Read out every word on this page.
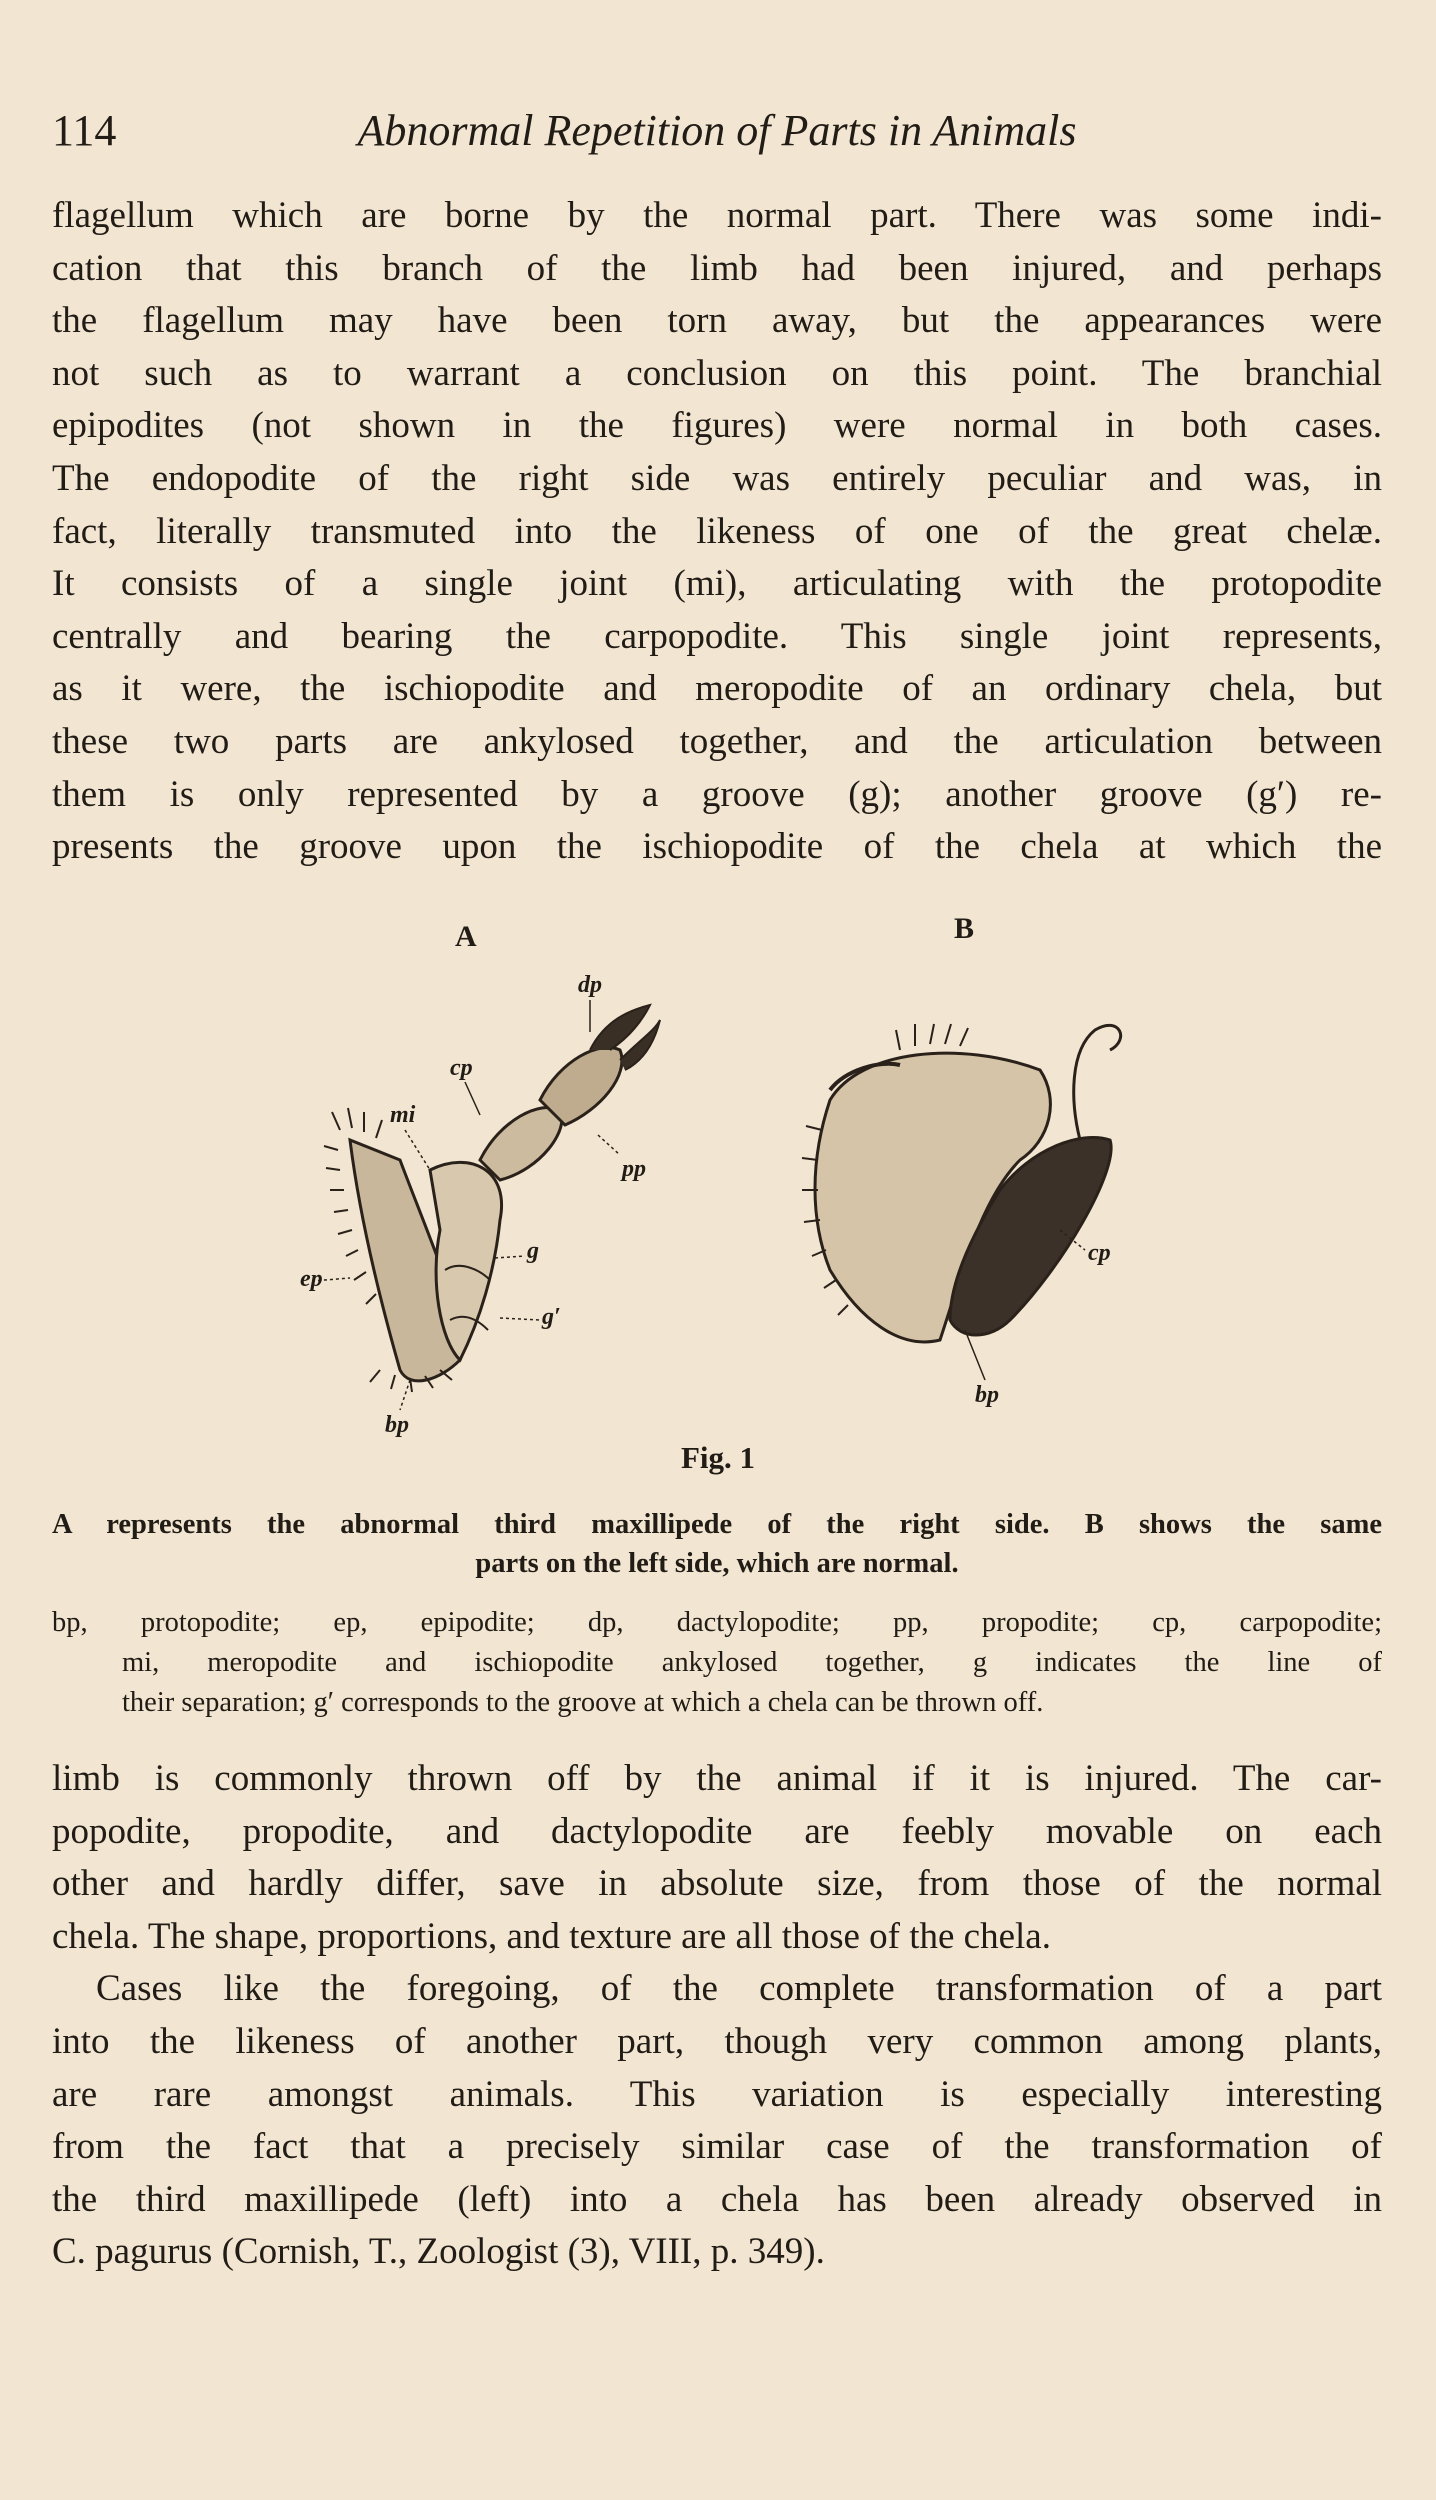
114	Abnormal Repetition of Parts in Animals
flagellum which are borne by the normal part. There was some indi-
cation that this branch of the limb had been injured, and perhaps
the flagellum may have been torn away, but the appearances were
not such as to warrant a conclusion on this point. The branchial
epipodites (not shown in the figures) were normal in both cases.
The endopodite of the right side was entirely peculiar and was, in
fact, literally transmuted into the likeness of one of the great chelæ.
It consists of a single joint (mi), articulating with the protopodite
centrally and bearing the carpopodite. This single joint represents,
as it were, the ischiopodite and meropodite of an ordinary chela, but
these two parts are ankylosed together, and the articulation between
them is only represented by a groove (g); another groove (g′) re-
presents the groove upon the ischiopodite of the chela at which the
A	B
dp
cp
mi
pp
ep
g
g′
bp
cp
bp
Fig. 1
A represents the abnormal third maxillipede of the right side. B shows the same
parts on the left side, which are normal.
bp, protopodite; ep, epipodite; dp, dactylopodite; pp, propodite; cp, carpopodite;
mi, meropodite and ischiopodite ankylosed together, g indicates the line of
their separation; g′ corresponds to the groove at which a chela can be thrown off.
limb is commonly thrown off by the animal if it is injured. The car-
popodite, propodite, and dactylopodite are feebly movable on each
other and hardly differ, save in absolute size, from those of the normal
chela. The shape, proportions, and texture are all those of the chela.
Cases like the foregoing, of the complete transformation of a part
into the likeness of another part, though very common among plants,
are rare amongst animals. This variation is especially interesting
from the fact that a precisely similar case of the transformation of
the third maxillipede (left) into a chela has been already observed in
C. pagurus (Cornish, T., Zoologist (3), VIII, p. 349).
